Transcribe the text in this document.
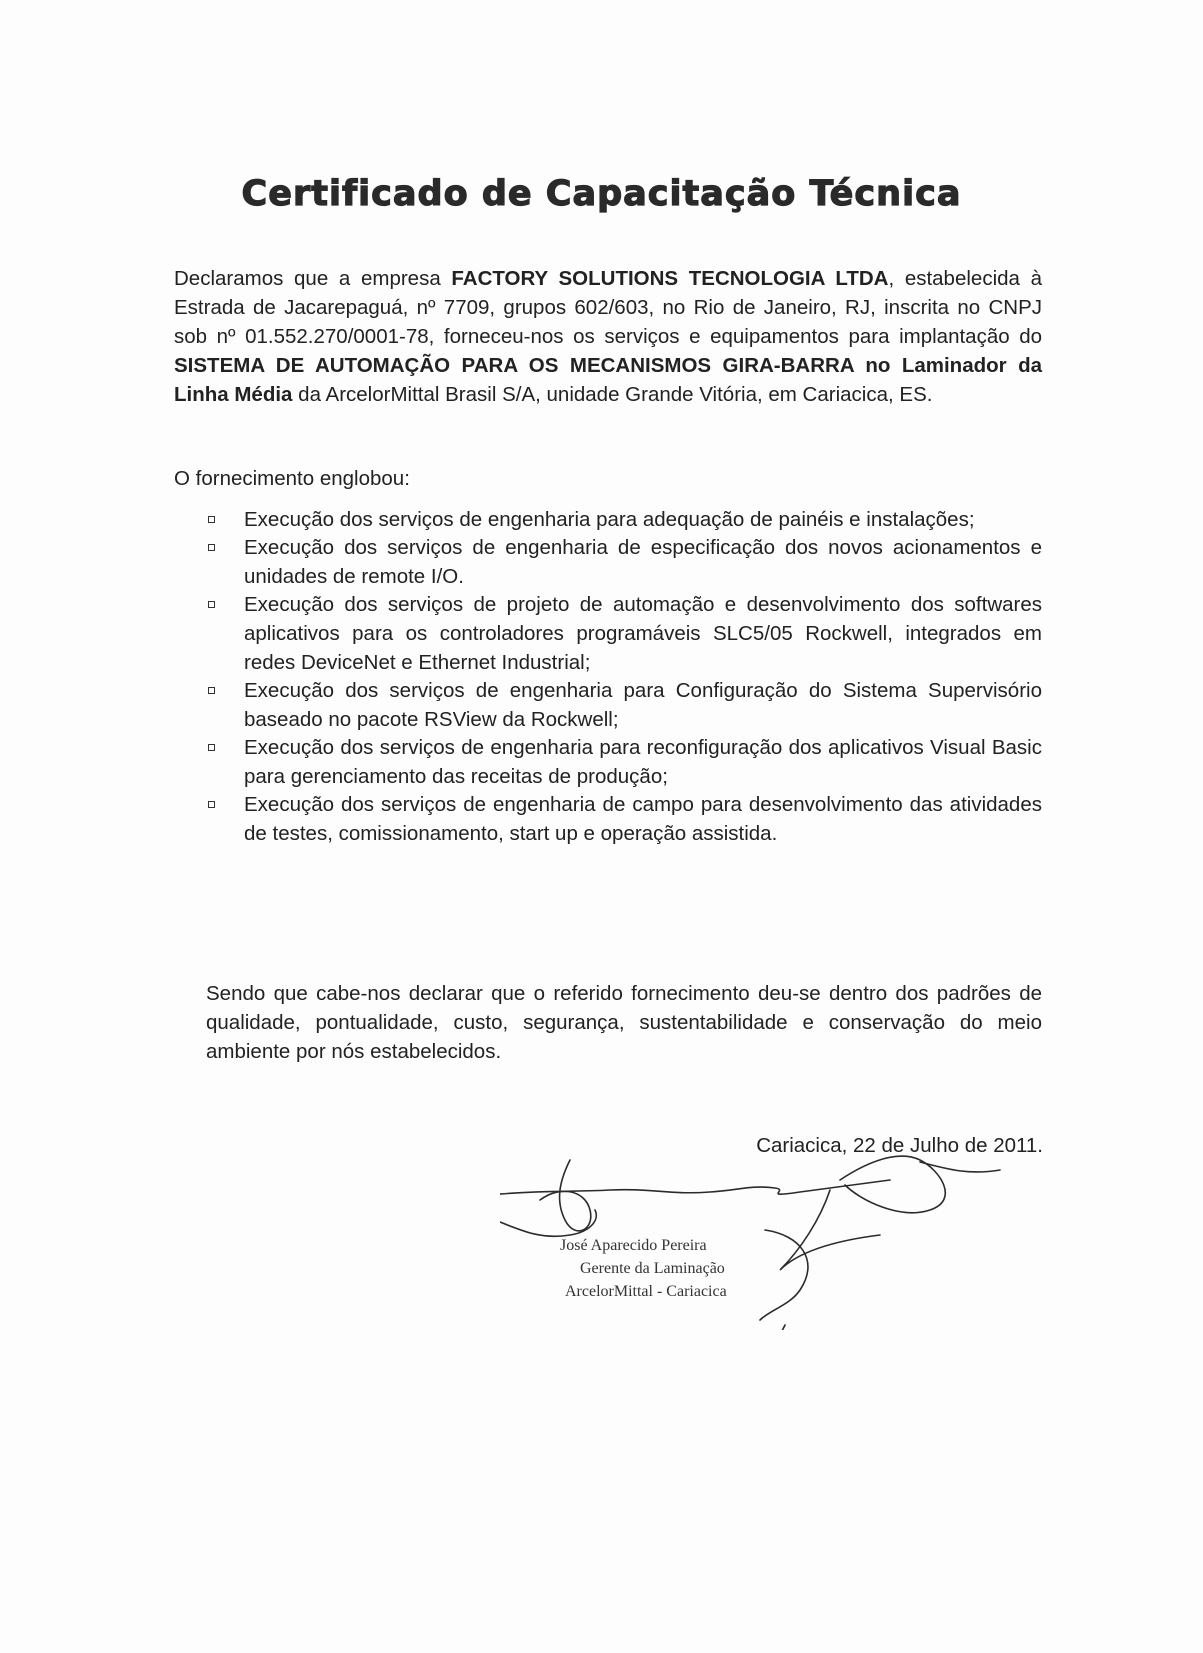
Certificado de Capacitação Técnica
Declaramos que a empresa FACTORY SOLUTIONS TECNOLOGIA LTDA, estabelecida à Estrada de Jacarepaguá, nº 7709, grupos 602/603, no Rio de Janeiro, RJ, inscrita no CNPJ sob nº 01.552.270/0001-78, forneceu-nos os serviços e equipamentos para implantação do SISTEMA DE AUTOMAÇÃO PARA OS MECANISMOS GIRA-BARRA no Laminador da Linha Média da ArcelorMittal Brasil S/A, unidade Grande Vitória, em Cariacica, ES.
O fornecimento englobou:
Execução dos serviços de engenharia para adequação de painéis e instalações;
Execução dos serviços de engenharia de especificação dos novos acionamentos e unidades de remote I/O.
Execução dos serviços de projeto de automação e desenvolvimento dos softwares aplicativos para os controladores programáveis SLC5/05 Rockwell, integrados em redes DeviceNet e Ethernet Industrial;
Execução dos serviços de engenharia para Configuração do Sistema Supervisório baseado no pacote RSView da Rockwell;
Execução dos serviços de engenharia para reconfiguração dos aplicativos Visual Basic para gerenciamento das receitas de produção;
Execução dos serviços de engenharia de campo para desenvolvimento das atividades de testes, comissionamento, start up e operação assistida.
Sendo que cabe-nos declarar que o referido fornecimento deu-se dentro dos padrões de qualidade, pontualidade, custo, segurança, sustentabilidade e conservação do meio ambiente por nós estabelecidos.
Cariacica, 22 de Julho de 2011.
José Aparecido Pereira
Gerente da Laminação
ArcelorMittal - Cariacica
